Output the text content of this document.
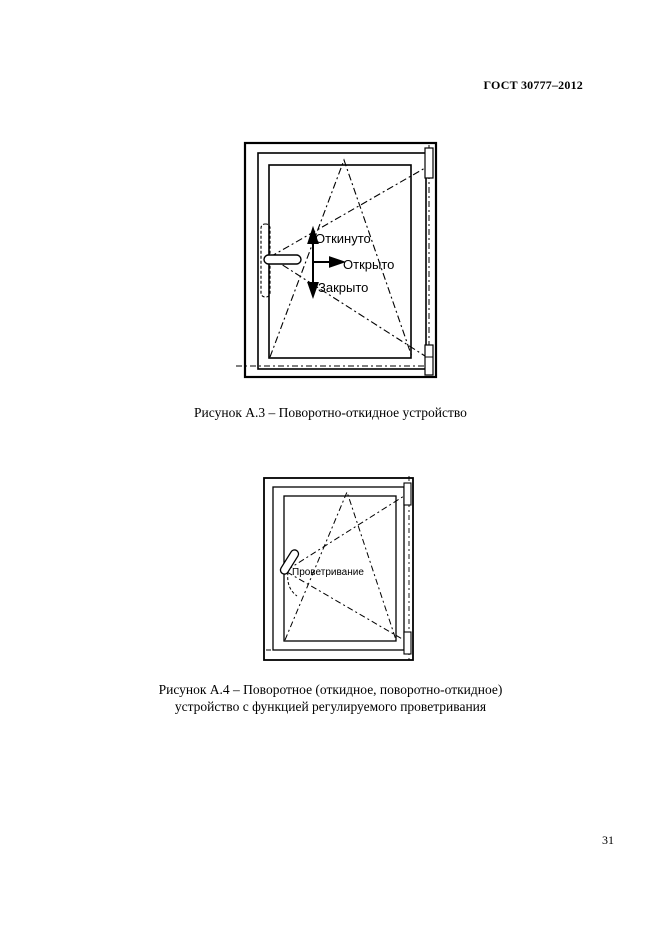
ГОСТ 30777–2012
Откинуто
Открыто
Закрыто
Рисунок А.3 – Поворотно-откидное устройство
Проветривание
Рисунок А.4 – Поворотное (откидное, поворотно-откидное)
устройство с функцией регулируемого проветривания
31
